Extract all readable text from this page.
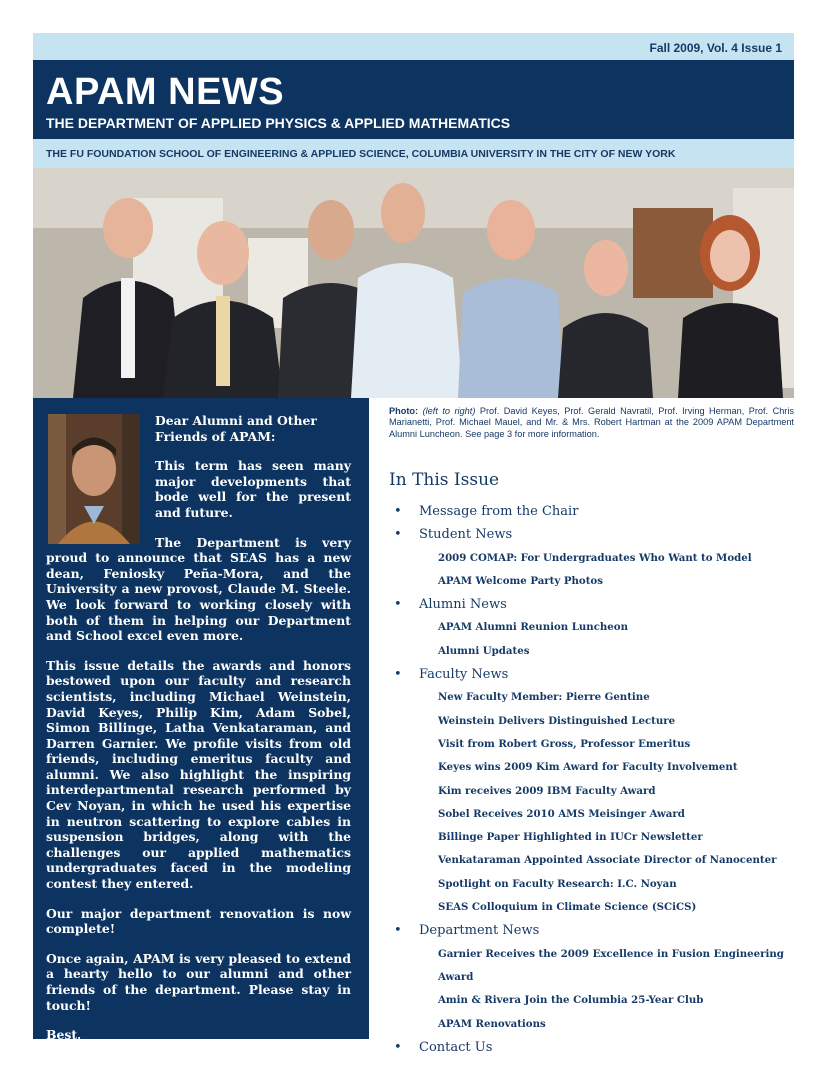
Fall 2009, Vol. 4 Issue 1
APAM NEWS
THE DEPARTMENT OF APPLIED PHYSICS & APPLIED MATHEMATICS
THE FU FOUNDATION SCHOOL OF ENGINEERING & APPLIED SCIENCE, COLUMBIA UNIVERSITY IN THE CITY OF NEW YORK

Dear Alumni and Other Friends of APAM:

This term has seen many major developments that bode well for the present and future.

The Department is very proud to announce that SEAS has a new dean, Feniosky Peña-Mora, and the University a new provost, Claude M. Steele. We look forward to working closely with both of them in helping our Department and School excel even more.

This issue details the awards and honors bestowed upon our faculty and research scientists, including Michael Weinstein, David Keyes, Philip Kim, Adam Sobel, Simon Billinge, Latha Venkataraman, and Darren Garnier. We profile visits from old friends, including emeritus faculty and alumni. We also highlight the inspiring interdepartmental research performed by Cev Noyan, in which he used his expertise in neutron scattering to explore cables in suspension bridges, along with the challenges our applied mathematics undergraduates faced in the modeling contest they entered.

Our major department renovation is now complete!

Once again, APAM is very pleased to extend a hearty hello to our alumni and other friends of the department. Please stay in touch!

Best,

Irving P. Herman
Chair, APAM
Photo: (left to right) Prof. David Keyes, Prof. Gerald Navratil, Prof. Irving Herman, Prof. Chris Marianetti, Prof. Michael Mauel, and Mr. & Mrs. Robert Hartman at the 2009 APAM Department Alumni Luncheon. See page 3 for more information.
In This Issue
• Message from the Chair
• Student News
2009 COMAP: For Undergraduates Who Want to Model
APAM Welcome Party Photos
• Alumni News
APAM Alumni Reunion Luncheon
Alumni Updates
• Faculty News
New Faculty Member: Pierre Gentine
Weinstein Delivers Distinguished Lecture
Visit from Robert Gross, Professor Emeritus
Keyes wins 2009 Kim Award for Faculty Involvement
Kim receives 2009 IBM Faculty Award
Sobel Receives 2010 AMS Meisinger Award
Billinge Paper Highlighted in IUCr Newsletter
Venkataraman Appointed Associate Director of Nanocenter
Spotlight on Faculty Research: I.C. Noyan
SEAS Colloquium in Climate Science (SCiCS)
• Department News
Garnier Receives the 2009 Excellence in Fusion Engineering Award
Amin & Rivera Join the Columbia 25-Year Club
APAM Renovations
• Contact Us
